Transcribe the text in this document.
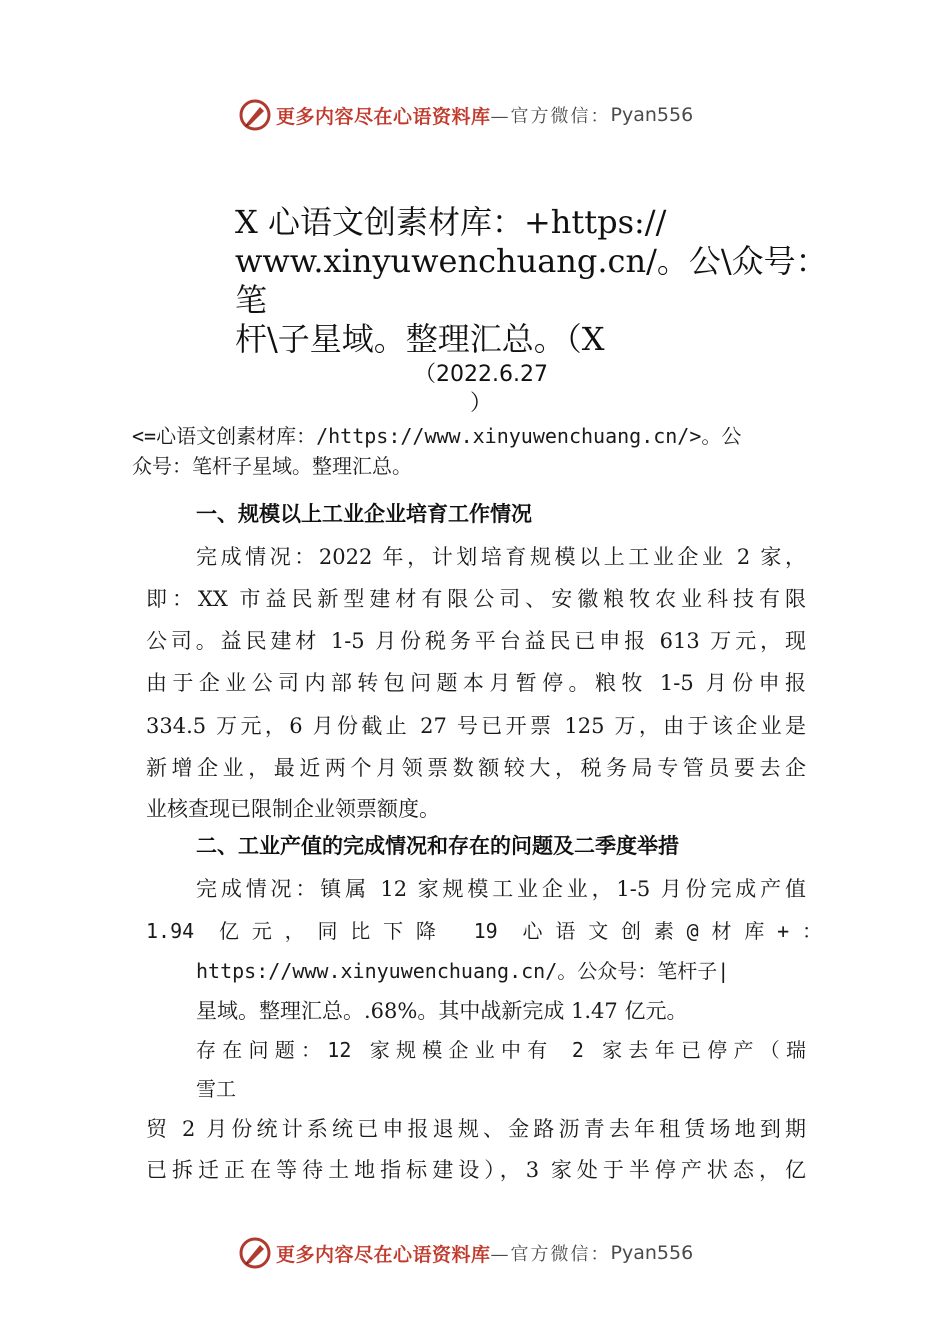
更多内容尽在心语资料库 —官方微信： Pyan556
X 心语文创素材库：+https://
www.xinyuwenchuang.cn/。公\众号：笔
杆\子星域。整理汇总。（X
（2022.6.27
）
<=心语文创素材库：/https://www.xinyuwenchuang.cn/>。公
众号：笔杆子星域。整理汇总。
一、规模以上工业企业培育工作情况
完成情况：2022 年，计划培育规模以上工业企业 2 家，
即：XX 市益民新型建材有限公司、安徽粮牧农业科技有限
公司。益民建材 1-5 月份税务平台益民已申报 613 万元，现
由于企业公司内部转包问题本月暂停。粮牧 1-5 月份申报
334.5 万元，6 月份截止 27 号已开票 125 万，由于该企业是
新增企业，最近两个月领票数额较大，税务局专管员要去企
业核查现已限制企业领票额度。
二、工业产值的完成情况和存在的问题及二季度举措
完成情况：镇属 12 家规模工业企业，1-5 月份完成产值
1.94 亿元，同比下降 19 心语文创素@材库+：
https://www.xinyuwenchuang.cn/。公众号：笔杆子|
星域。整理汇总。.68%。其中战新完成 1.47 亿元。
存在问题：12 家规模企业中有 2 家去年已停产（瑞
雪工
贸 2 月份统计系统已申报退规、金路沥青去年租赁场地到期
已拆迁正在等待土地指标建设），3 家处于半停产状态，亿
更多内容尽在心语资料库 —官方微信： Pyan556
